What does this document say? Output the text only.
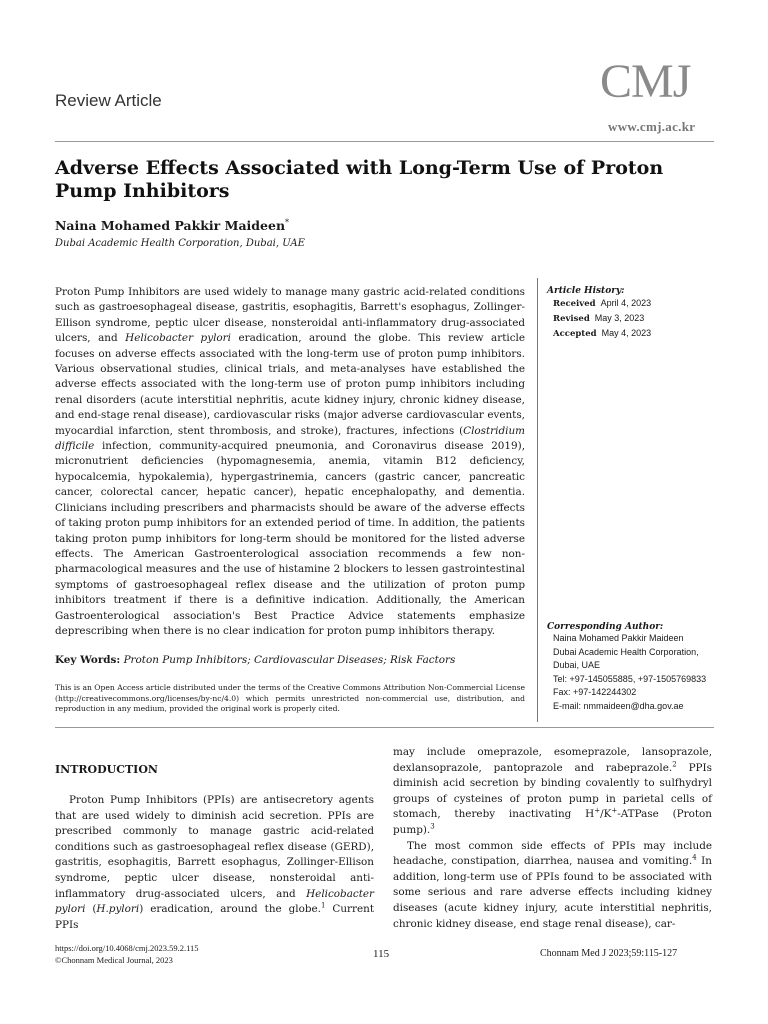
Review Article	CMJ
www.cmj.ac.kr
Adverse Effects Associated with Long-Term Use of Proton Pump Inhibitors
Naina Mohamed Pakkir Maideen*
Dubai Academic Health Corporation, Dubai, UAE

Proton Pump Inhibitors are used widely to manage many gastric acid-related conditions such as gastroesophageal disease, gastritis, esophagitis, Barrett's esophagus, Zollinger-Ellison syndrome, peptic ulcer disease, nonsteroidal anti-inflammatory drug-associated ulcers, and Helicobacter pylori eradication, around the globe. This review article focuses on adverse effects associated with the long-term use of proton pump inhibitors. Various observational studies, clinical trials, and meta-analyses have established the adverse effects associated with the long-term use of proton pump inhibitors including renal disorders (acute interstitial nephritis, acute kidney injury, chronic kidney disease, and end-stage renal disease), cardiovascular risks (major adverse cardiovascular events, myocardial infarction, stent thrombosis, and stroke), fractures, infections (Clostridium difficile infection, community-acquired pneumonia, and Coronavirus disease 2019), micronutrient deficiencies (hypomagnesemia, anemia, vitamin B12 deficiency, hypocalcemia, hypokalemia), hypergastrinemia, cancers (gastric cancer, pancreatic cancer, colorectal cancer, hepatic cancer), hepatic encephalopathy, and dementia. Clinicians including prescribers and pharmacists should be aware of the adverse effects of taking proton pump inhibitors for an extended period of time. In addition, the patients taking proton pump inhibitors for long-term should be monitored for the listed adverse effects. The American Gastroenterological association recommends a few non-pharmacological measures and the use of histamine 2 blockers to lessen gastrointestinal symptoms of gastroesophageal reflex disease and the utilization of proton pump inhibitors treatment if there is a definitive indication. Additionally, the American Gastroenterological association's Best Practice Advice statements emphasize deprescribing when there is no clear indication for proton pump inhibitors therapy.

Key Words: Proton Pump Inhibitors; Cardiovascular Diseases; Risk Factors
This is an Open Access article distributed under the terms of the Creative Commons Attribution Non-Commercial License (http://creativecommons.org/licenses/by-nc/4.0) which permits unrestricted non-commercial use, distribution, and reproduction in any medium, provided the original work is properly cited.
Article History:
Received April 4, 2023
Revised May 3, 2023
Accepted May 4, 2023
Corresponding Author:
Naina Mohamed Pakkir Maideen
Dubai Academic Health Corporation,
Dubai, UAE
Tel: +97-145055885, +97-1505769833
Fax: +97-142244302
E-mail: nmmaideen@dha.gov.ae
INTRODUCTION

Proton Pump Inhibitors (PPIs) are antisecretory agents that are used widely to diminish acid secretion. PPIs are prescribed commonly to manage gastric acid-related conditions such as gastroesophageal reflex disease (GERD), gastritis, esophagitis, Barrett esophagus, Zollinger-Ellison syndrome, peptic ulcer disease, nonsteroidal anti-inflammatory drug-associated ulcers, and Helicobacter pylori (H.pylori) eradication, around the globe.$^1$ Current PPIs

may include omeprazole, esomeprazole, lansoprazole, dexlansoprazole, pantoprazole and rabeprazole.$^2$ PPIs diminish acid secretion by binding covalently to sulfhydryl groups of cysteines of proton pump in parietal cells of stomach, thereby inactivating H+/K+-ATPase (Proton pump).$^3$

The most common side effects of PPIs may include headache, constipation, diarrhea, nausea and vomiting.$^4$ In addition, long-term use of PPIs found to be associated with some serious and rare adverse effects including kidney diseases (acute kidney injury, acute interstitial nephritis, chronic kidney disease, end stage renal disease), car-

https://doi.org/10.4068/cmj.2023.59.2.115
©Chonnam Medical Journal, 2023	115	Chonnam Med J 2023;59:115-127
